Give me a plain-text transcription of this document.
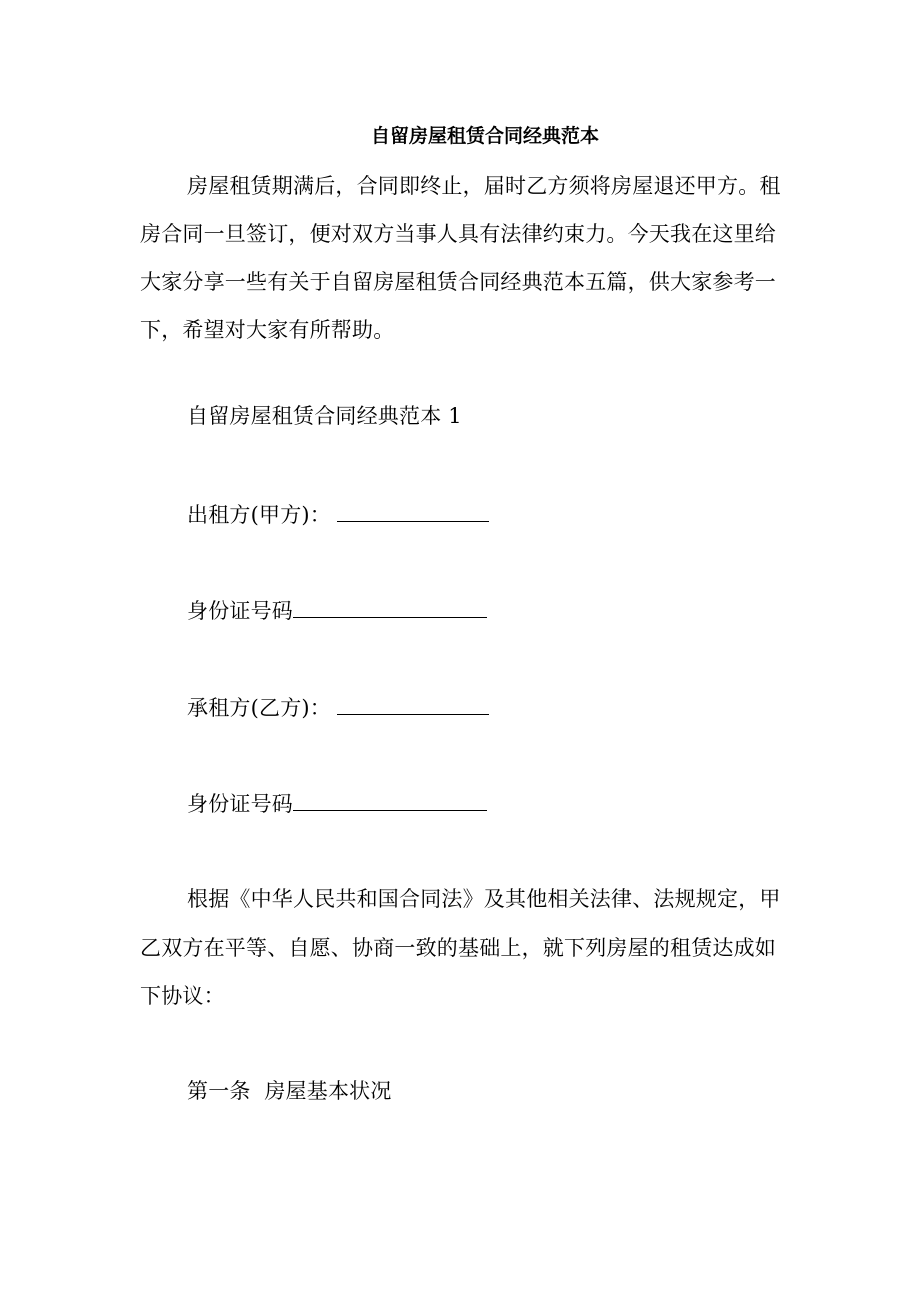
自留房屋租赁合同经典范本
房屋租赁期满后，合同即终止，届时乙方须将房屋退还甲方。租
房合同一旦签订，便对双方当事人具有法律约束力。今天我在这里给
大家分享一些有关于自留房屋租赁合同经典范本五篇，供大家参考一
下，希望对大家有所帮助。
自留房屋租赁合同经典范本 1
出租方(甲方)：
身份证号码
承租方(乙方)：
身份证号码
根据《中华人民共和国合同法》及其他相关法律、法规规定，甲
乙双方在平等、自愿、协商一致的基础上，就下列房屋的租赁达成如
下协议：
第一条  房屋基本状况
